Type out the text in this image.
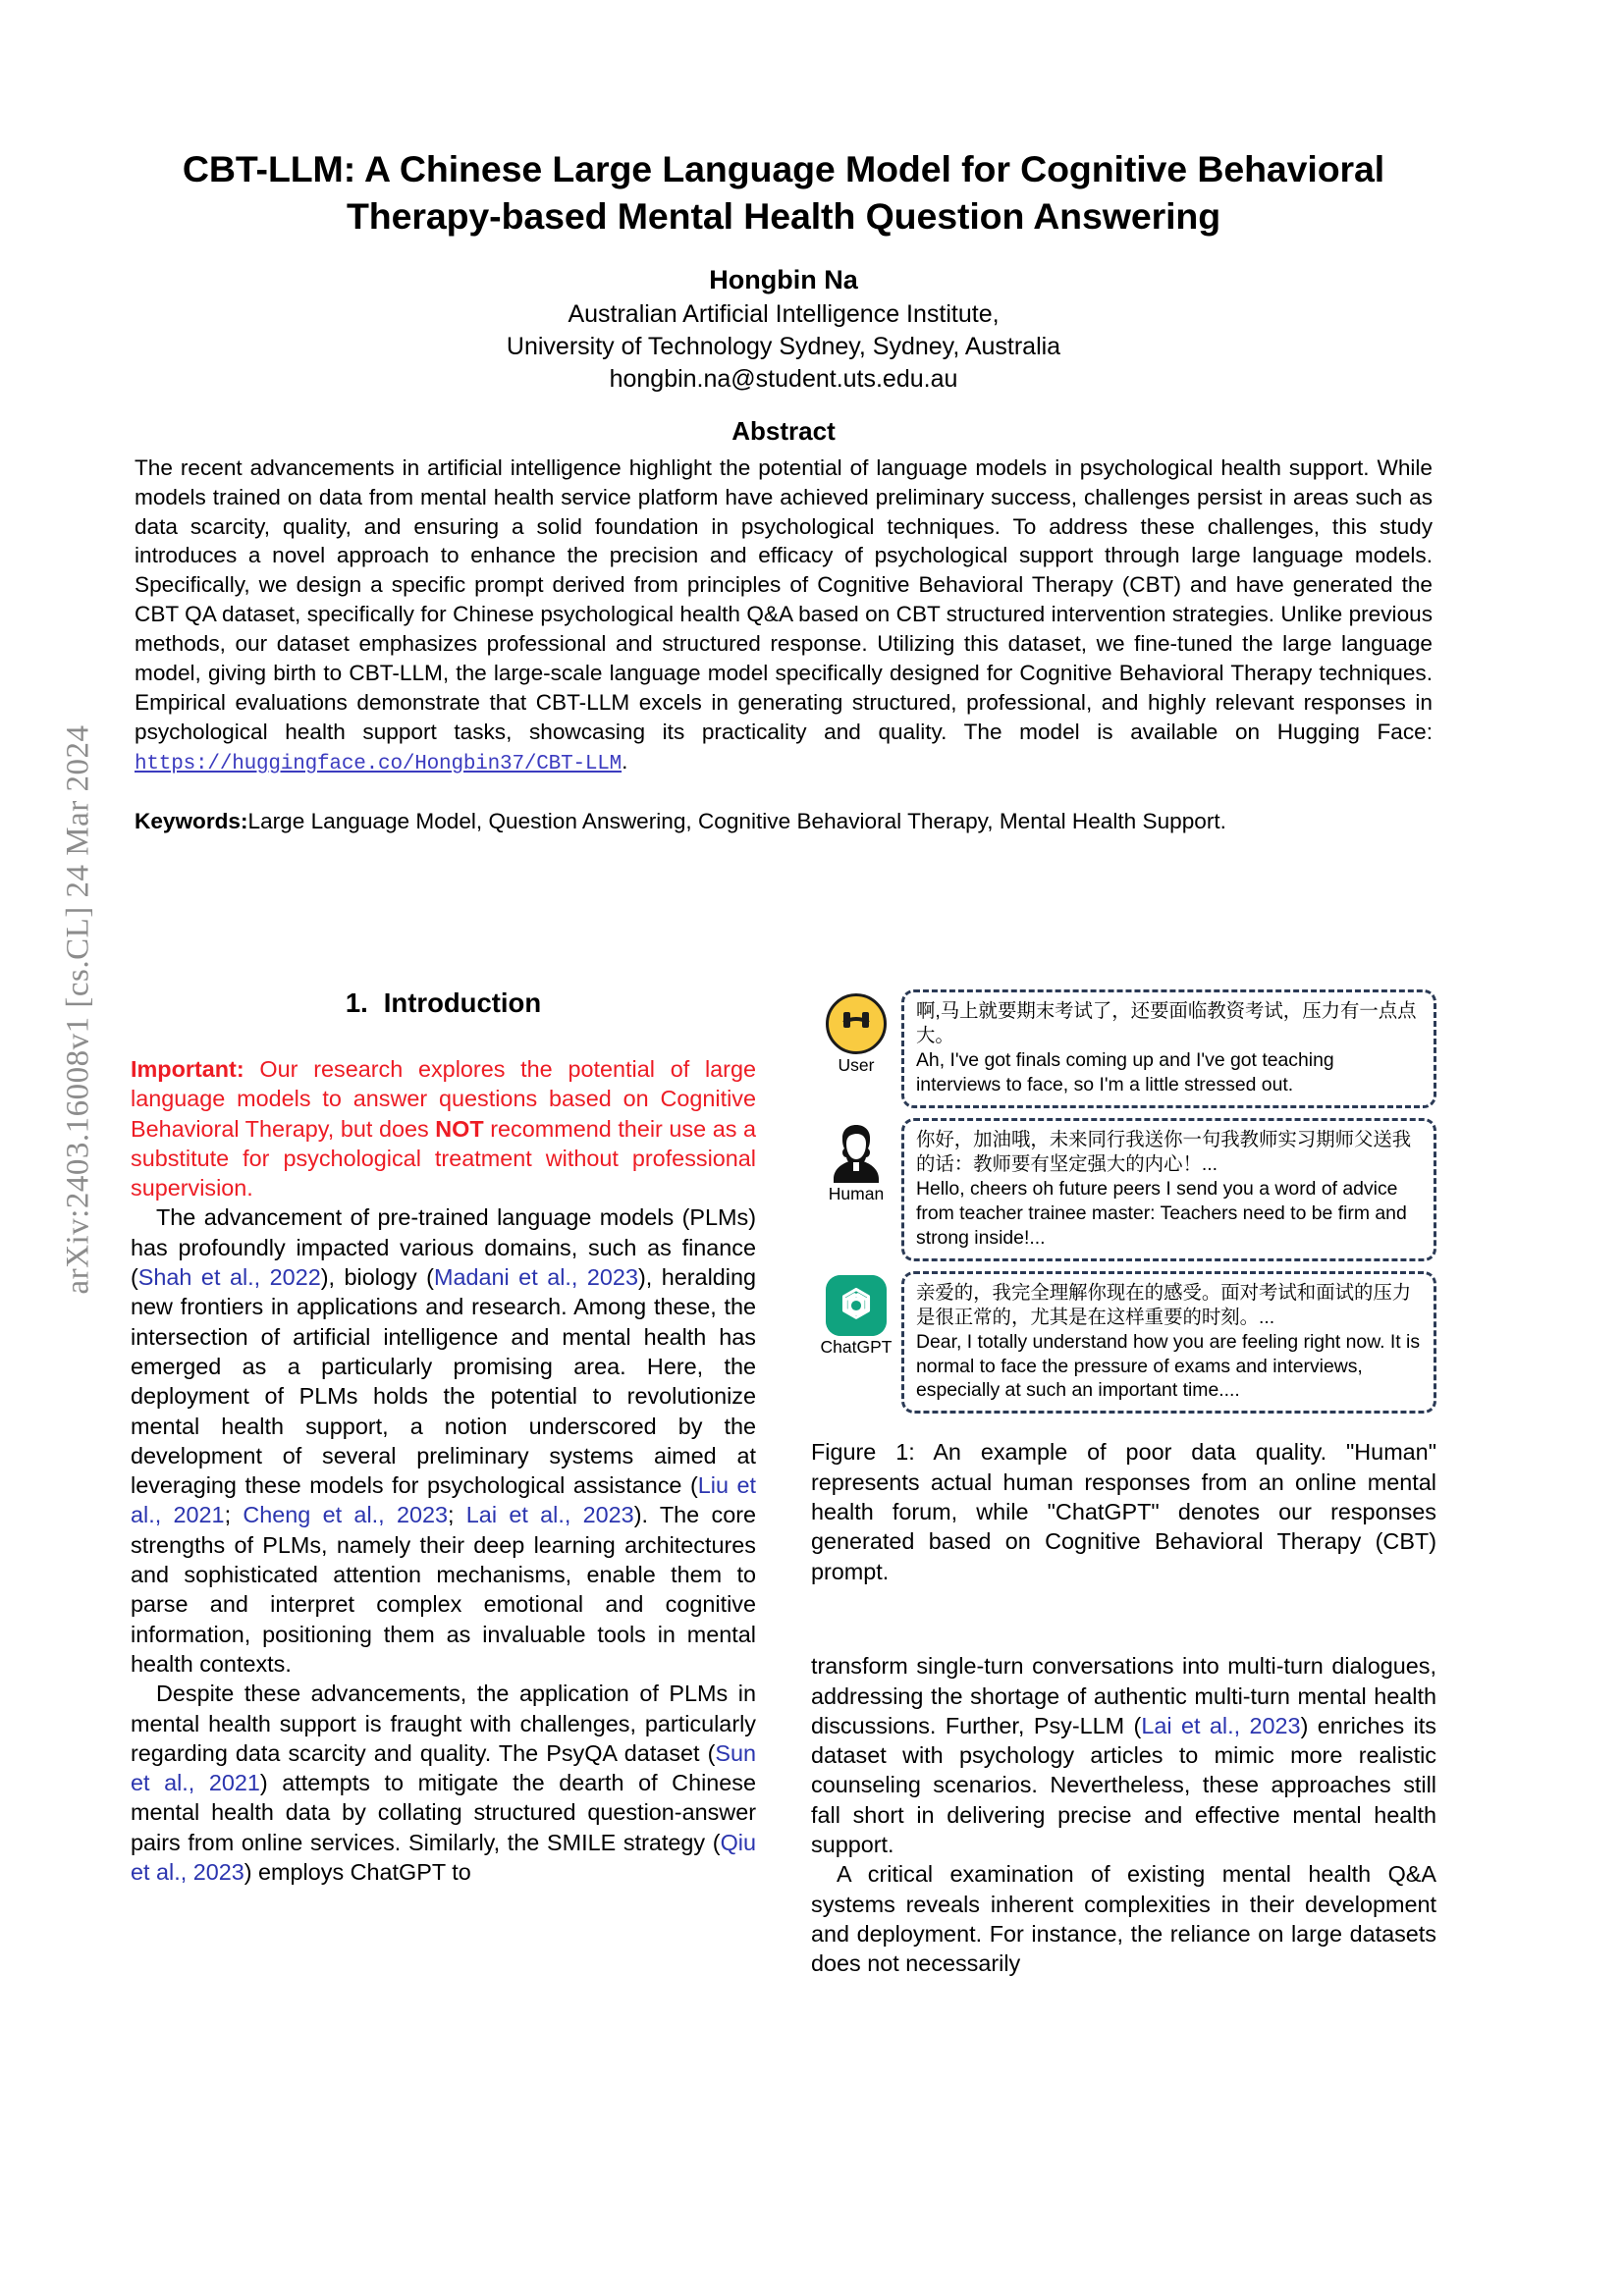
arXiv:2403.16008v1 [cs.CL] 24 Mar 2024
CBT-LLM: A Chinese Large Language Model for Cognitive Behavioral Therapy-based Mental Health Question Answering
Hongbin Na
Australian Artificial Intelligence Institute,
University of Technology Sydney, Sydney, Australia
hongbin.na@student.uts.edu.au
Abstract

The recent advancements in artificial intelligence highlight the potential of language models in psychological health support. While models trained on data from mental health service platform have achieved preliminary success, challenges persist in areas such as data scarcity, quality, and ensuring a solid foundation in psychological techniques. To address these challenges, this study introduces a novel approach to enhance the precision and efficacy of psychological support through large language models. Specifically, we design a specific prompt derived from principles of Cognitive Behavioral Therapy (CBT) and have generated the CBT QA dataset, specifically for Chinese psychological health Q&A based on CBT structured intervention strategies. Unlike previous methods, our dataset emphasizes professional and structured response. Utilizing this dataset, we fine-tuned the large language model, giving birth to CBT-LLM, the large-scale language model specifically designed for Cognitive Behavioral Therapy techniques. Empirical evaluations demonstrate that CBT-LLM excels in generating structured, professional, and highly relevant responses in psychological health support tasks, showcasing its practicality and quality. The model is available on Hugging Face: https://huggingface.co/Hongbin37/CBT-LLM.

Keywords:Large Language Model, Question Answering, Cognitive Behavioral Therapy, Mental Health Support.

1. Introduction

Important: Our research explores the potential of large language models to answer questions based on Cognitive Behavioral Therapy, but does NOT recommend their use as a substitute for psychological treatment without professional supervision.

The advancement of pre-trained language models (PLMs) has profoundly impacted various domains, such as finance (Shah et al., 2022), biology (Madani et al., 2023), heralding new frontiers in applications and research. Among these, the intersection of artificial intelligence and mental health has emerged as a particularly promising area. Here, the deployment of PLMs holds the potential to revolutionize mental health support, a notion underscored by the development of several preliminary systems aimed at leveraging these models for psychological assistance (Liu et al., 2021; Cheng et al., 2023; Lai et al., 2023). The core strengths of PLMs, namely their deep learning architectures and sophisticated attention mechanisms, enable them to parse and interpret complex emotional and cognitive information, positioning them as invaluable tools in mental health contexts.

Despite these advancements, the application of PLMs in mental health support is fraught with challenges, particularly regarding data scarcity and quality. The PsyQA dataset (Sun et al., 2021) attempts to mitigate the dearth of Chinese mental health data by collating structured question-answer pairs from online services. Similarly, the SMILE strategy (Qiu et al., 2023) employs ChatGPT to

User

啊,马上就要期末考试了，还要面临教资考试，压力有一点点大。

Ah, I've got finals coming up and I've got teaching interviews to face, so I'm a little stressed out.

Human

你好，加油哦，未来同行我送你一句我教师实习期师父送我的话：教师要有坚定强大的内心！...

Hello, cheers oh future peers I send you a word of advice from teacher trainee master: Teachers need to be firm and strong inside!...

ChatGPT

亲爱的，我完全理解你现在的感受。面对考试和面试的压力是很正常的，尤其是在这样重要的时刻。...

Dear, I totally understand how you are feeling right now. It is normal to face the pressure of exams and interviews, especially at such an important time....

Figure 1: An example of poor data quality. "Human" represents actual human responses from an online mental health forum, while "ChatGPT" denotes our responses generated based on Cognitive Behavioral Therapy (CBT) prompt.

transform single-turn conversations into multi-turn dialogues, addressing the shortage of authentic multi-turn mental health discussions. Further, Psy-LLM (Lai et al., 2023) enriches its dataset with psychology articles to mimic more realistic counseling scenarios. Nevertheless, these approaches still fall short in delivering precise and effective mental health support.

A critical examination of existing mental health Q&A systems reveals inherent complexities in their development and deployment. For instance, the reliance on large datasets does not necessarily
